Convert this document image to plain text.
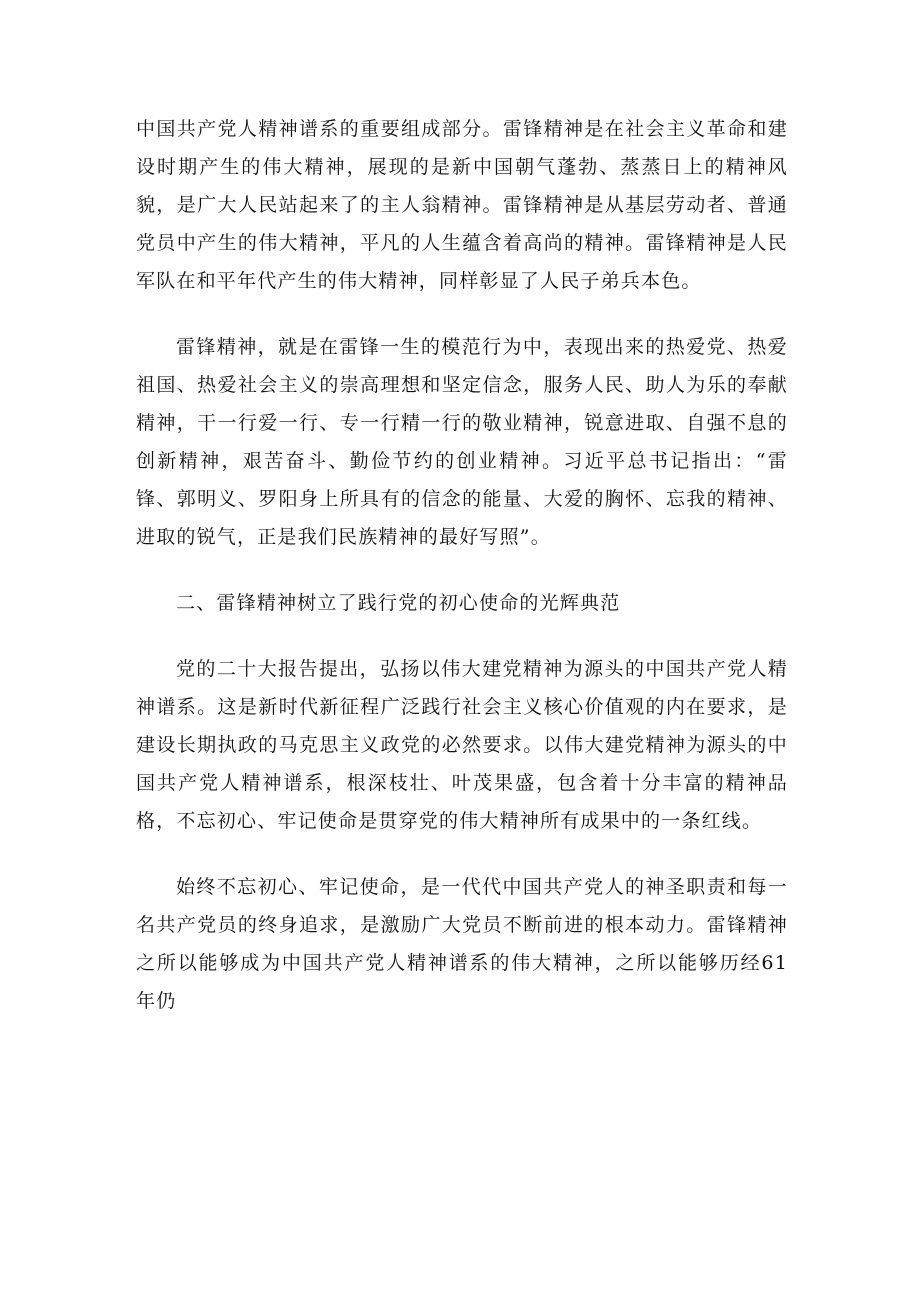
中国共产党人精神谱系的重要组成部分。雷锋精神是在社会主义革命和建设时期产生的伟大精神，展现的是新中国朝气蓬勃、蒸蒸日上的精神风貌，是广大人民站起来了的主人翁精神。雷锋精神是从基层劳动者、普通党员中产生的伟大精神，平凡的人生蕴含着高尚的精神。雷锋精神是人民军队在和平年代产生的伟大精神，同样彰显了人民子弟兵本色。

雷锋精神，就是在雷锋一生的模范行为中，表现出来的热爱党、热爱祖国、热爱社会主义的崇高理想和坚定信念，服务人民、助人为乐的奉献精神，干一行爱一行、专一行精一行的敬业精神，锐意进取、自强不息的创新精神，艰苦奋斗、勤俭节约的创业精神。习近平总书记指出：“雷锋、郭明义、罗阳身上所具有的信念的能量、大爱的胸怀、忘我的精神、进取的锐气，正是我们民族精神的最好写照”。

二、雷锋精神树立了践行党的初心使命的光辉典范

党的二十大报告提出，弘扬以伟大建党精神为源头的中国共产党人精神谱系。这是新时代新征程广泛践行社会主义核心价值观的内在要求，是建设长期执政的马克思主义政党的必然要求。以伟大建党精神为源头的中国共产党人精神谱系，根深枝壮、叶茂果盛，包含着十分丰富的精神品格，不忘初心、牢记使命是贯穿党的伟大精神所有成果中的一条红线。

始终不忘初心、牢记使命，是一代代中国共产党人的神圣职责和每一名共产党员的终身追求，是激励广大党员不断前进的根本动力。雷锋精神之所以能够成为中国共产党人精神谱系的伟大精神，之所以能够历经61年仍
